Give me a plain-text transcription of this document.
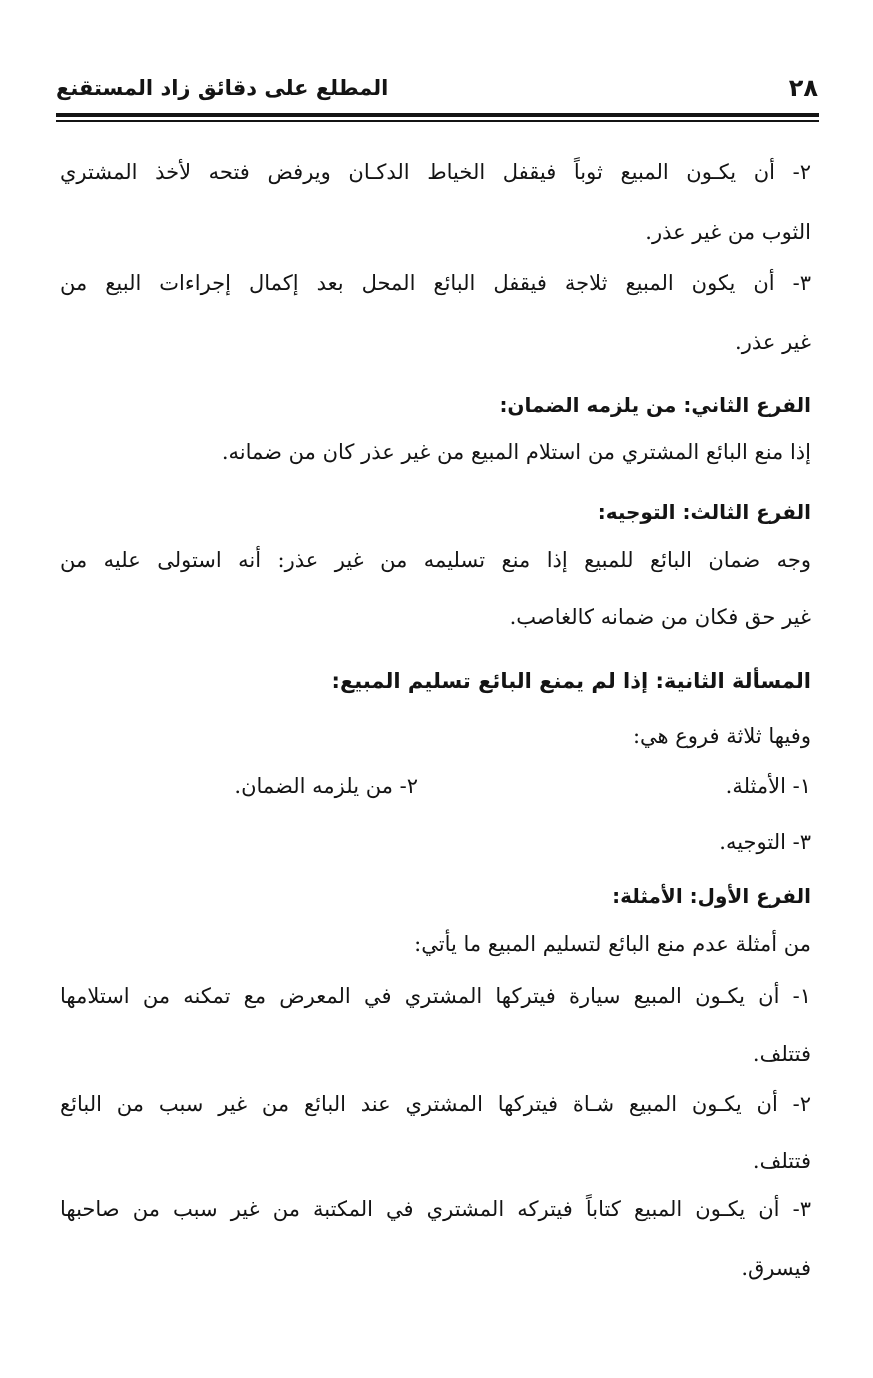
المطلع على دقائق زاد المستقنع	٢٨
٢- أن يكـون المبيع ثوباً فيقفل الخياط الدكـان ويرفض فتحه لأخذ المشتري
الثوب من غير عذر.
٣- أن يكون المبيع ثلاجة فيقفل البائع المحل بعد إكمال إجراءات البيع من
غير عذر.
الفرع الثاني: من يلزمه الضمان:
إذا منع البائع المشتري من استلام المبيع من غير عذر كان من ضمانه.
الفرع الثالث: التوجيه:
وجه ضمان البائع للمبيع إذا منع تسليمه من غير عذر: أنه استولى عليه من
غير حق فكان من ضمانه كالغاصب.
المسألة الثانية: إذا لم يمنع البائع تسليم المبيع:
وفيها ثلاثة فروع هي:
١- الأمثلة.
٢- من يلزمه الضمان.
٣- التوجيه.
الفرع الأول: الأمثلة:
من أمثلة عدم منع البائع لتسليم المبيع ما يأتي:
١- أن يكـون المبيع سيارة فيتركها المشتري في المعرض مع تمكنه من استلامها
فتتلف.
٢- أن يكـون المبيع شـاة فيتركها المشتري عند البائع من غير سبب من البائع
فتتلف.
٣- أن يكـون المبيع كتاباً فيتركه المشتري في المكتبة من غير سبب من صاحبها
فيسرق.
